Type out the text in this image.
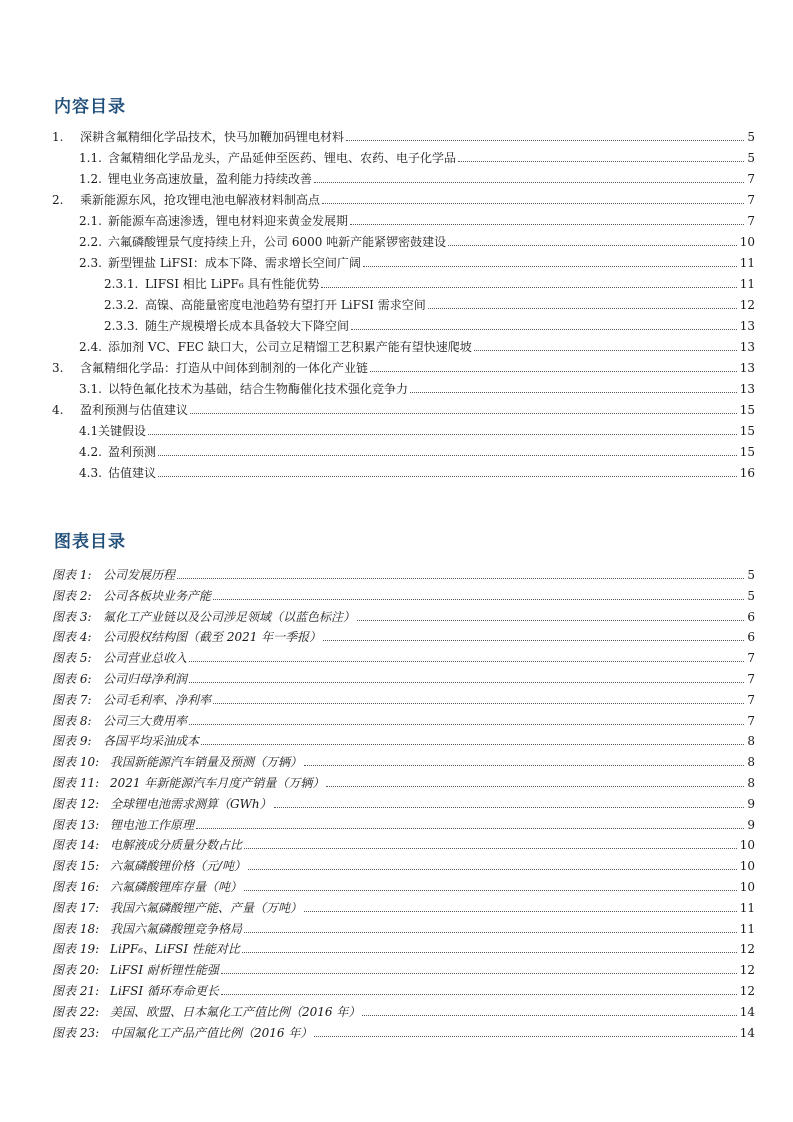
内容目录
1.	深耕含氟精细化学品技术，快马加鞭加码锂电材料	5
1.1. 含氟精细化学品龙头，产品延伸至医药、锂电、农药、电子化学品	5
1.2. 锂电业务高速放量，盈利能力持续改善	7
2.	乘新能源东风，抢攻锂电池电解液材料制高点	7
2.1. 新能源车高速渗透，锂电材料迎来黄金发展期	7
2.2. 六氟磷酸锂景气度持续上升，公司 6000 吨新产能紧锣密鼓建设	10
2.3. 新型锂盐 LiFSI：成本下降、需求增长空间广阔	11
2.3.1. LIFSI 相比 LiPF₆ 具有性能优势	11
2.3.2. 高镍、高能量密度电池趋势有望打开 LiFSI 需求空间	12
2.3.3. 随生产规模增长成本具备较大下降空间	13
2.4. 添加剂 VC、FEC 缺口大，公司立足精馏工艺积累产能有望快速爬坡	13
3.	含氟精细化学品：打造从中间体到制剂的一体化产业链	13
3.1. 以特色氟化技术为基础，结合生物酶催化技术强化竞争力	13
4.	盈利预测与估值建议	15
4.1 关键假设	15
4.2. 盈利预测	15
4.3. 估值建议	16
图表目录
图表 1: 公司发展历程	5
图表 2: 公司各板块业务产能	5
图表 3: 氟化工产业链以及公司涉足领域（以蓝色标注）	6
图表 4: 公司股权结构图（截至 2021 年一季报）	6
图表 5: 公司营业总收入	7
图表 6: 公司归母净利润	7
图表 7: 公司毛利率、净利率	7
图表 8: 公司三大费用率	7
图表 9: 各国平均采油成本	8
图表 10: 我国新能源汽车销量及预测（万辆）	8
图表 11: 2021 年新能源汽车月度产销量（万辆）	8
图表 12: 全球锂电池需求测算（GWh）	9
图表 13: 锂电池工作原理	9
图表 14: 电解液成分质量分数占比	10
图表 15: 六氟磷酸锂价格（元/吨）	10
图表 16: 六氟磷酸锂库存量（吨）	10
图表 17: 我国六氟磷酸锂产能、产量（万吨）	11
图表 18: 我国六氟磷酸锂竞争格局	11
图表 19: LiPF₆、LiFSI 性能对比	12
图表 20: LiFSI 耐析锂性能强	12
图表 21: LiFSI 循环寿命更长	12
图表 22: 美国、欧盟、日本氟化工产值比例（2016 年）	14
图表 23: 中国氟化工产品产值比例（2016 年）	14
